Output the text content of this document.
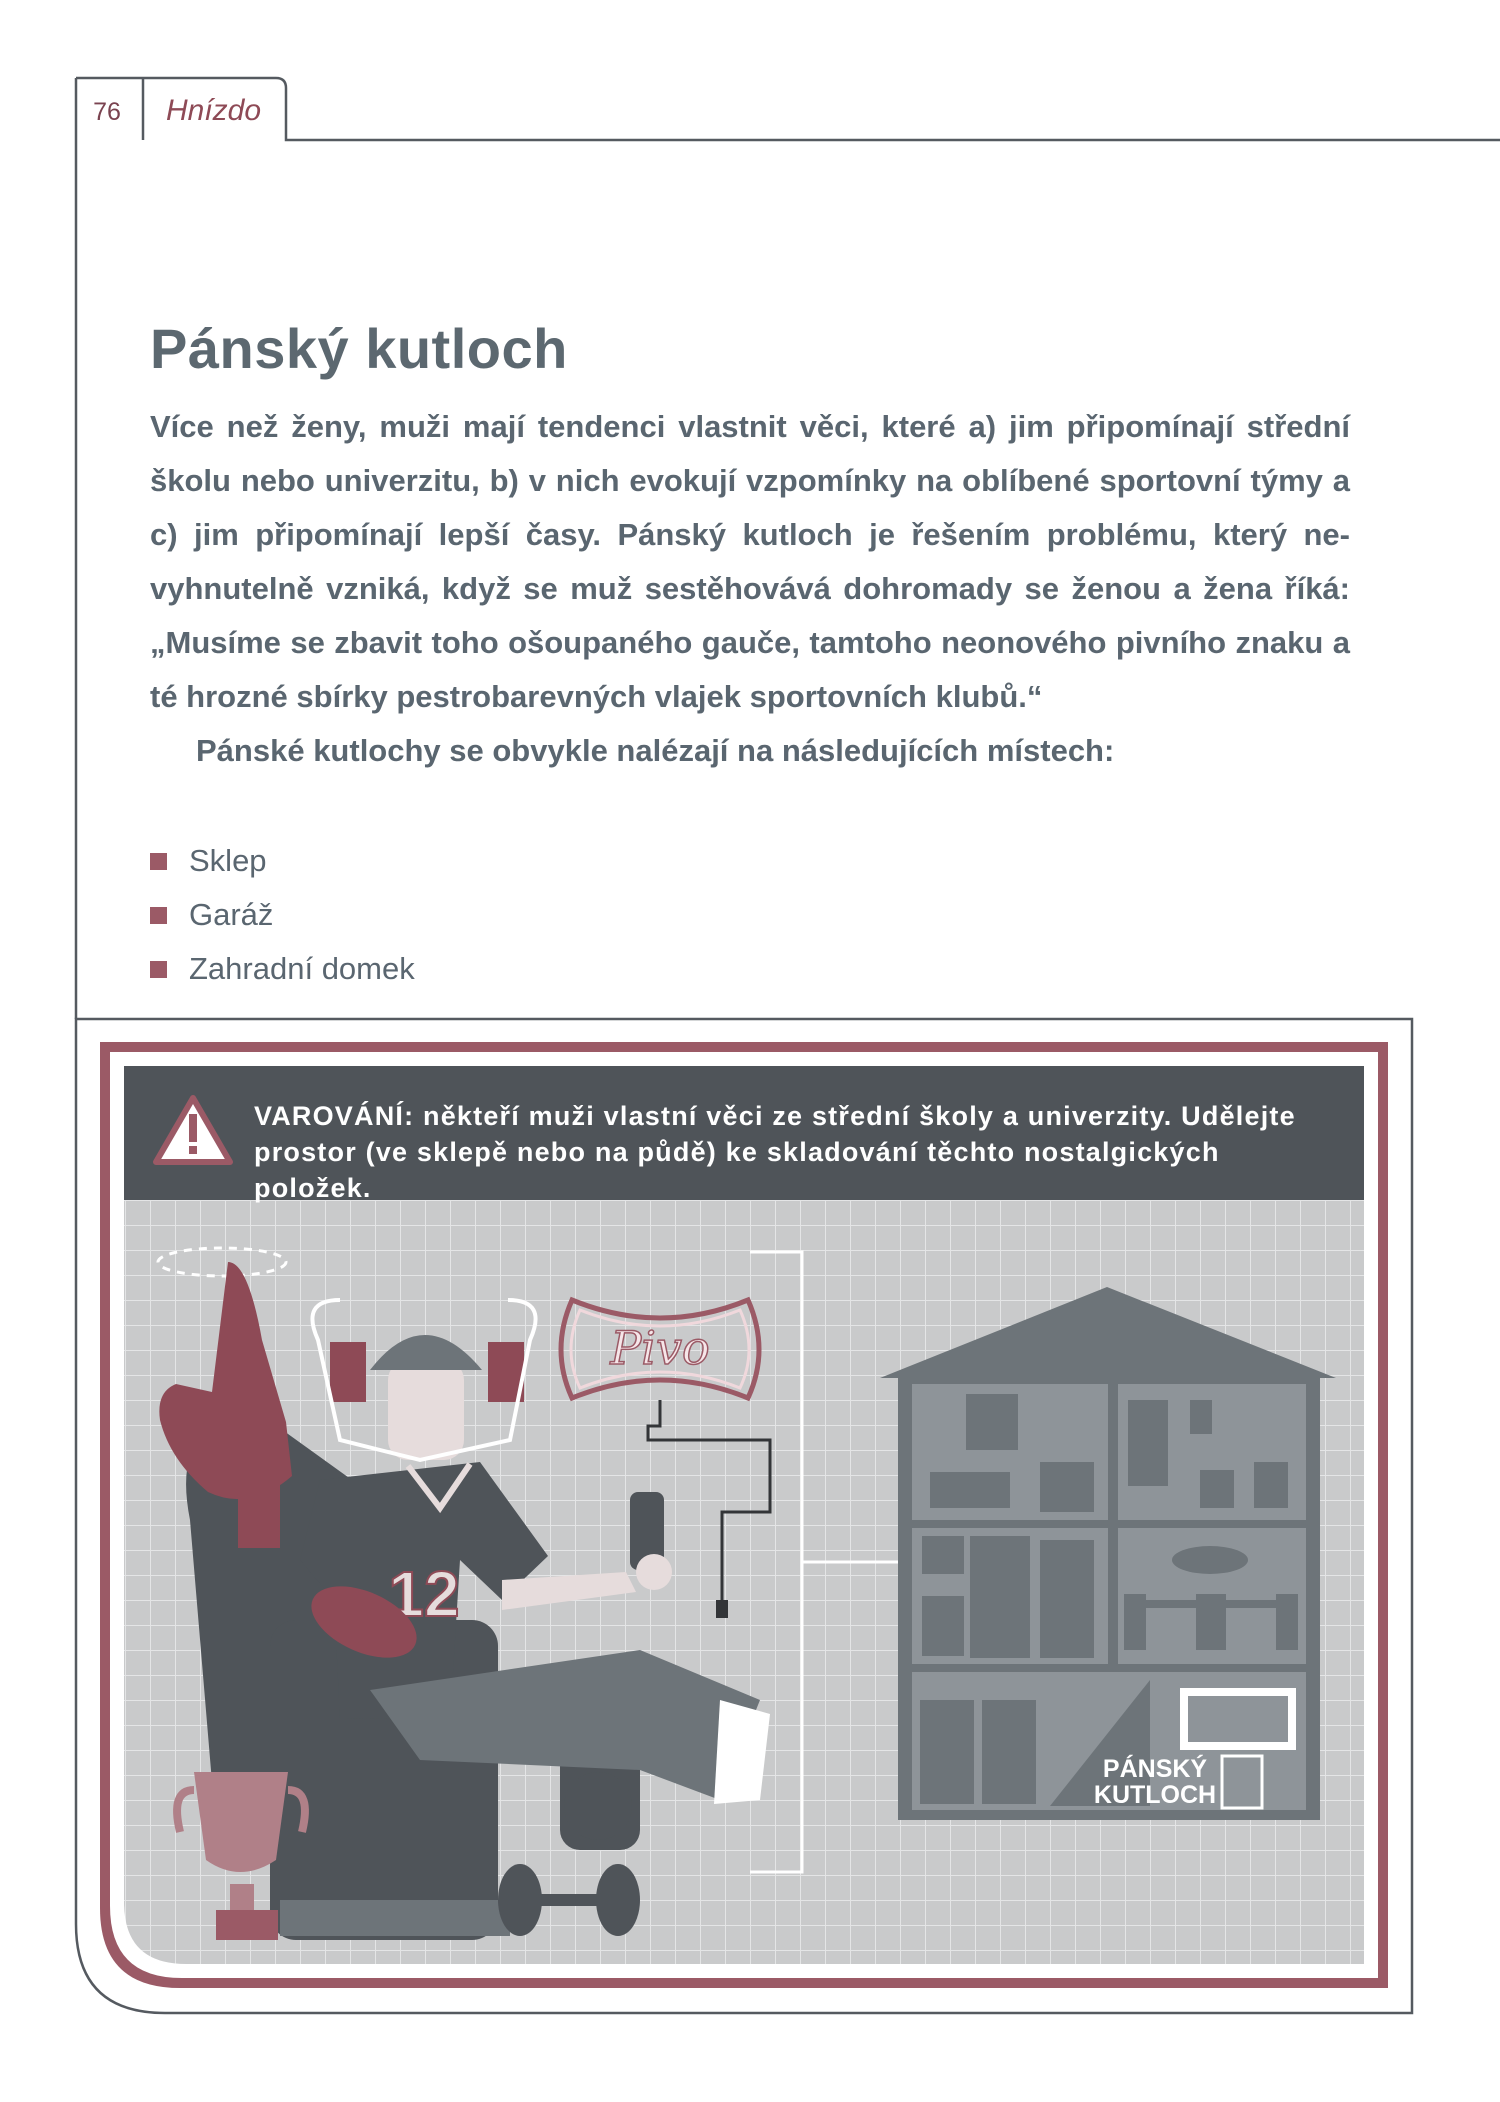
76	Hnízdo
Pánský kutloch

Více než ženy, muži mají tendenci vlastnit věci, které a) jim připomínají střední školu nebo univerzitu, b) v nich evokují vzpomínky na oblíbené sportovní týmy a c) jim připomínají lepší časy. Pánský kutloch je řešením problému, který nevyhnutelně vzniká, když se muž sestěhovává dohromady se ženou a žena říká: „Musíme se zbavit toho ošoupaného gauče, tamtoho neonového pivního znaku a té hrozné sbírky pestrobarevných vlajek sportovních klubů.“

Pánské kutlochy se obvykle nalézají na následujících místech:

Sklep
Garáž
Zahradní domek
Pivo
12
VAROVÁNÍ: někteří muži vlastní věci ze střední školy a univerzity. Udělejte prostor (ve sklepě nebo na půdě) ke skladování těchto nostalgických položek.
PÁNSKÝ
KUTLOCH
